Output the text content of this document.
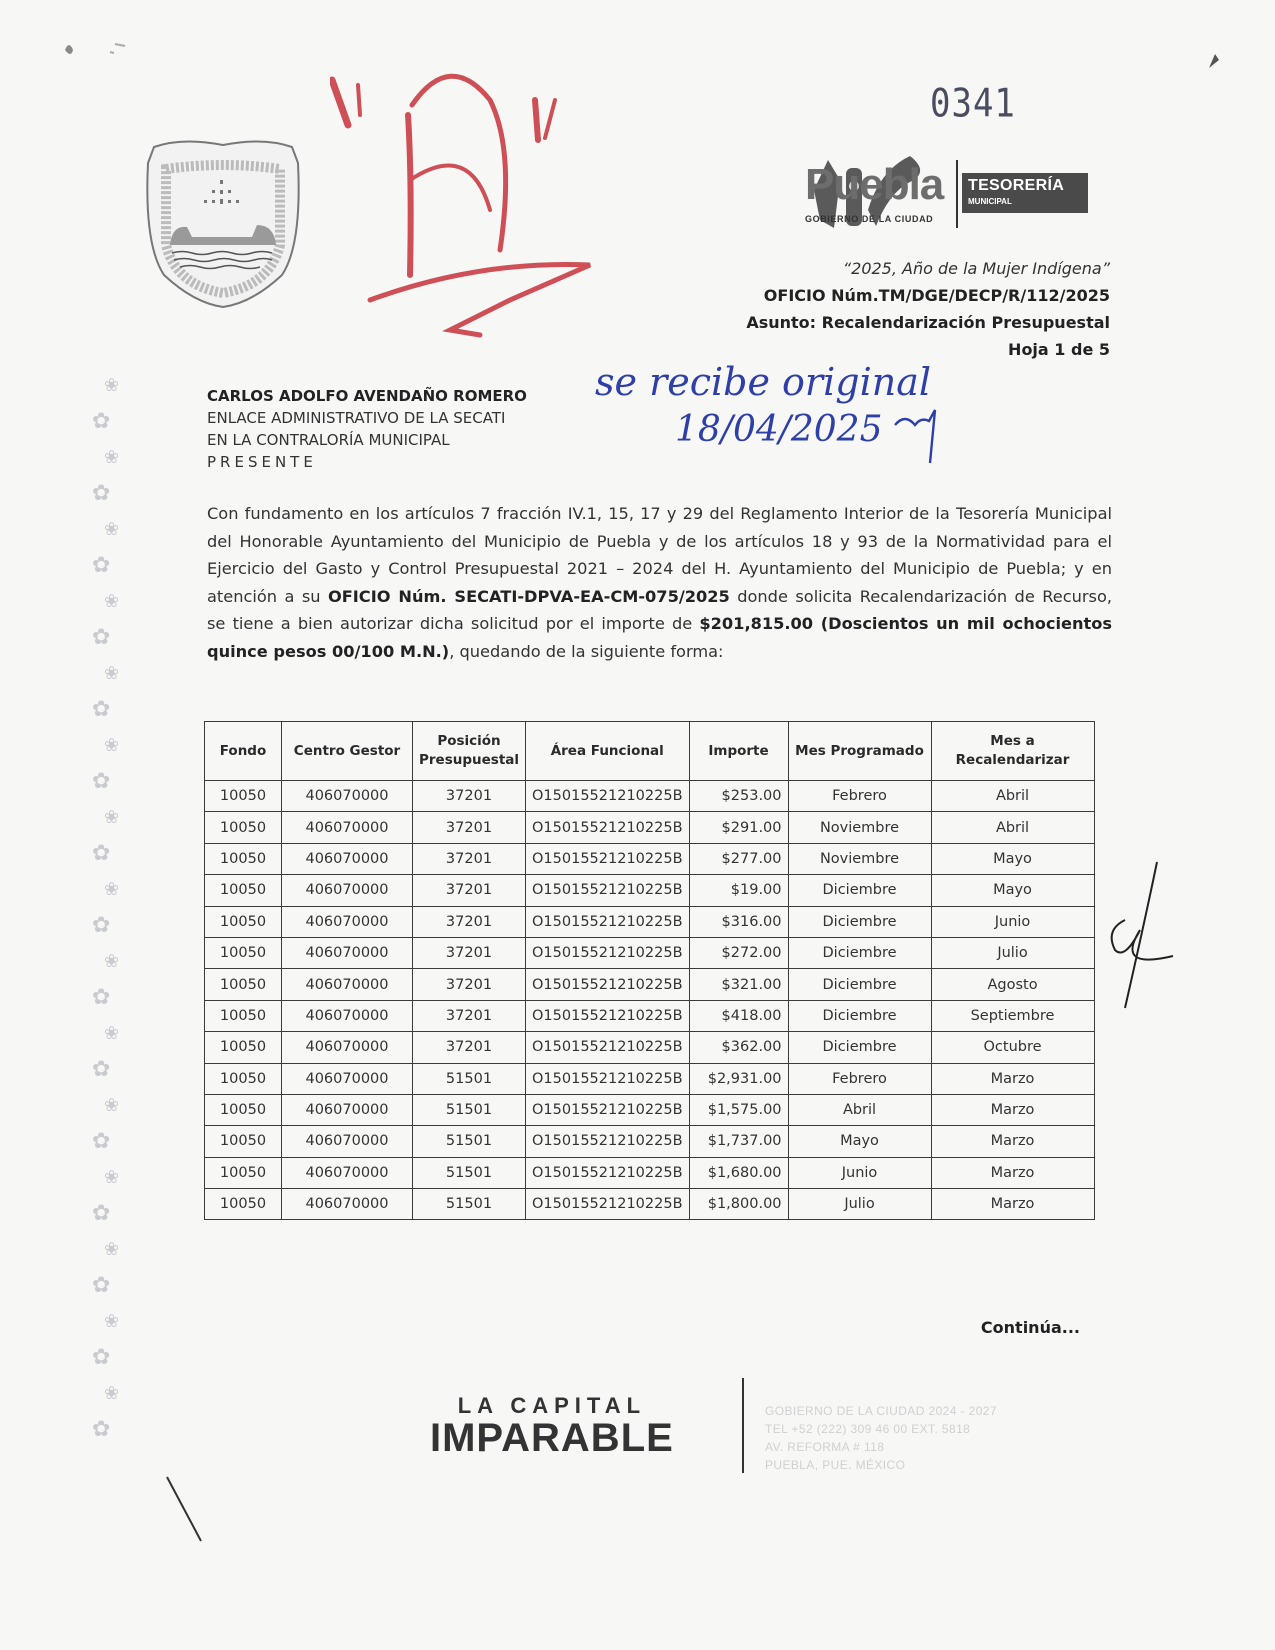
❀
✿
❀
✿
❀
✿
❀
✿
❀
✿
❀
✿
❀
✿
❀
✿
❀
✿
❀
✿
❀
✿
❀
✿
❀
✿
❀
✿
❀
✿
0341
Puebla
GOBIERNO DE LA CIUDAD
TESORERÍA
MUNICIPAL
“2025, Año de la Mujer Indígena”
OFICIO Núm.TM/DGE/DECP/R/112/2025
Asunto: Recalendarización Presupuestal
Hoja 1 de 5
CARLOS ADOLFO AVENDAÑO ROMERO
ENLACE ADMINISTRATIVO DE LA SECATI
EN LA CONTRALORÍA MUNICIPAL
PRESENTE
se recibe original
18/04/2025
Con fundamento en los artículos 7 fracción IV.1, 15, 17 y 29 del Reglamento Interior de la Tesorería Municipal del Honorable Ayuntamiento del Municipio de Puebla y de los artículos 18 y 93 de la Normatividad para el Ejercicio del Gasto y Control Presupuestal 2021 – 2024 del H. Ayuntamiento del Municipio de Puebla; y en atención a su OFICIO Núm. SECATI-DPVA-EA-CM-075/2025 donde solicita Recalendarización de Recurso, se tiene a bien autorizar dicha solicitud por el importe de $201,815.00 (Doscientos un mil ochocientos quince pesos 00/100 M.N.), quedando de la siguiente forma:
Fondo	Centro Gestor	Posición Presupuestal	Área Funcional	Importe	Mes Programado	Mes a Recalendarizar
10050	406070000	37201	O15015521210225B	$253.00	Febrero	Abril
10050	406070000	37201	O15015521210225B	$291.00	Noviembre	Abril
10050	406070000	37201	O15015521210225B	$277.00	Noviembre	Mayo
10050	406070000	37201	O15015521210225B	$19.00	Diciembre	Mayo
10050	406070000	37201	O15015521210225B	$316.00	Diciembre	Junio
10050	406070000	37201	O15015521210225B	$272.00	Diciembre	Julio
10050	406070000	37201	O15015521210225B	$321.00	Diciembre	Agosto
10050	406070000	37201	O15015521210225B	$418.00	Diciembre	Septiembre
10050	406070000	37201	O15015521210225B	$362.00	Diciembre	Octubre
10050	406070000	51501	O15015521210225B	$2,931.00	Febrero	Marzo
10050	406070000	51501	O15015521210225B	$1,575.00	Abril	Marzo
10050	406070000	51501	O15015521210225B	$1,737.00	Mayo	Marzo
10050	406070000	51501	O15015521210225B	$1,680.00	Junio	Marzo
10050	406070000	51501	O15015521210225B	$1,800.00	Julio	Marzo
Continúa...
LA CAPITAL
IMPARABLE
GOBIERNO DE LA CIUDAD 2024 - 2027
TEL +52 (222) 309 46 00 EXT. 5818
AV. REFORMA # 118
PUEBLA, PUE. MÉXICO
